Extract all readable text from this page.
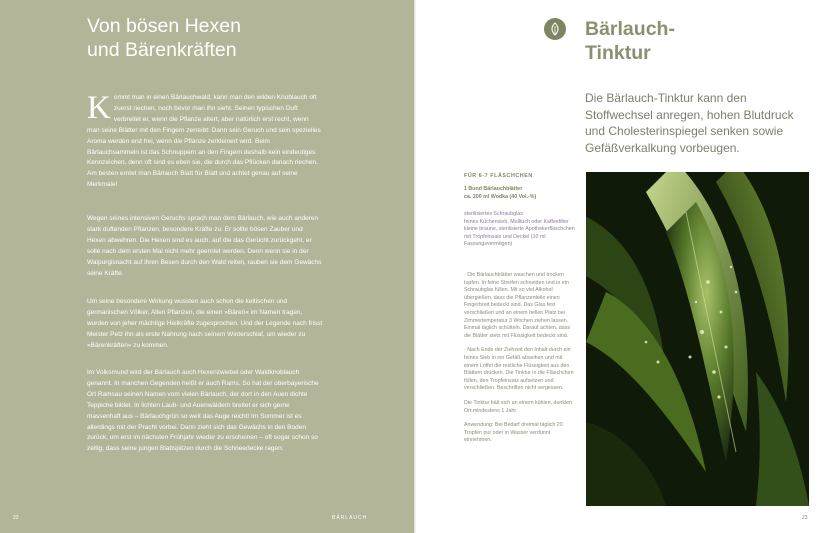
Von bösen Hexen
und Bärenkräften
Kommt man in einen Bärlauchwald, kann man den wilden Knoblauch oft zuerst riechen, noch bevor man ihn sieht. Seinen typischen Duft verbreitet er, wenn die Pflanze altert, aber natürlich erst recht, wenn man seine Blätter mit den Fingern zerreibt: Dann sein Geruch und sein spezielles Aroma werden erst frei, wenn die Pflanze zerkleinert wird. Beim Bärlauchsammeln ist das Schnuppern an den Fingern deshalb kein eindeutiges Kennzeichen, denn oft sind es eben sie, die durch das Pflücken danach riechen. Am besten erntet man Bärlauch Blatt für Blatt und achtet genau auf seine Merkmale!
Wegen seines intensiven Geruchs sprach man dem Bärlauch, wie auch anderen stark duftenden Pflanzen, besondere Kräfte zu: Er sollte bösen Zauber und Hexen abwehren. Die Hexen sind es auch, auf die das Gerücht zurückgeht, er solle nach dem ersten Mai nicht mehr geerntet werden. Denn wenn sie in der Walpurgisnacht auf ihren Besen durch den Wald reiten, rauben sie dem Gewächs seine Kräfte.
Um seine besondere Wirkung wussten auch schon die keltischen und germanischen Völker. Allen Pflanzen, die einen »Bären« im Namen tragen, wurden von jeher mächtige Heilkräfte zugesprochen. Und der Legende nach frisst Meister Petz ihn als erste Nahrung nach seinem Winterschlaf, um wieder zu »Bärenkräften« zu kommen.
Im Volksmund wird der Bärlauch auch Hexenzwiebel oder Waldknoblauch genannt. In manchen Gegenden heißt er auch Rams. So hat der oberbayerische Ort Ramsau seinen Namen vom vielen Bärlauch, der dort in den Auen dichte Teppiche bildet. In lichten Laub- und Auenwäldern breitet er sich gerne massenhaft aus – Bärlauchgrün so weit das Auge reicht! Im Sommer ist es allerdings mit der Pracht vorbei. Dann zieht sich das Gewächs in den Boden zurück, um erst im nächsten Frühjahr wieder zu erscheinen – oft sogar schon so zeitig, dass seine jungen Blattspitzen durch die Schneedecke ragen.
22	BÄRLAUCH
Bärlauch-
Tinktur

Die Bärlauch-Tinktur kann den Stoffwechsel anregen, hohen Blutdruck und Cholesterinspiegel senken sowie Gefäßverkalkung vorbeugen.

FÜR 6-7 FLÄSCHCHEN
1 Bund Bärlauchblätter
ca. 200 ml Wodka (40 Vol.-%)
sterilisiertes Schraubglas
feines Küchensieb, Mulltuch oder Kaffeefilter
kleine braune, sterilisierte Apothekerfläschchen mit Tropfeinsatz und Deckel (10 ml Fassungsvermögen)

· Die Bärlauchblätter waschen und trocken tupfen. In feine Streifen schneiden und in ein Schraubglas füllen. Mit so viel Alkohol übergießen, dass die Pflanzenteile einen Fingerbreit bedeckt sind. Das Glas fest verschließen und an einem hellen Platz bei Zimmertemperatur 3 Wochen ziehen lassen. Einmal täglich schütteln. Darauf achten, dass die Blätter stets mit Flüssigkeit bedeckt sind.

· Nach Ende der Ziehzeit den Inhalt durch ein feines Sieb in ein Gefäß abseihen und mit einem Löffel die restliche Flüssigkeit aus den Blättern drücken. Die Tinktur in die Fläschchen füllen, den Tropfeinsatz aufsetzen und verschließen. Beschriften nicht vergessen.

Die Tinktur hält sich an einem kühlen, dunklen Ort mindestens 1 Jahr.

Anwendung: Bei Bedarf dreimal täglich 20 Tropfen pur oder in Wasser verdünnt einnehmen.

23
